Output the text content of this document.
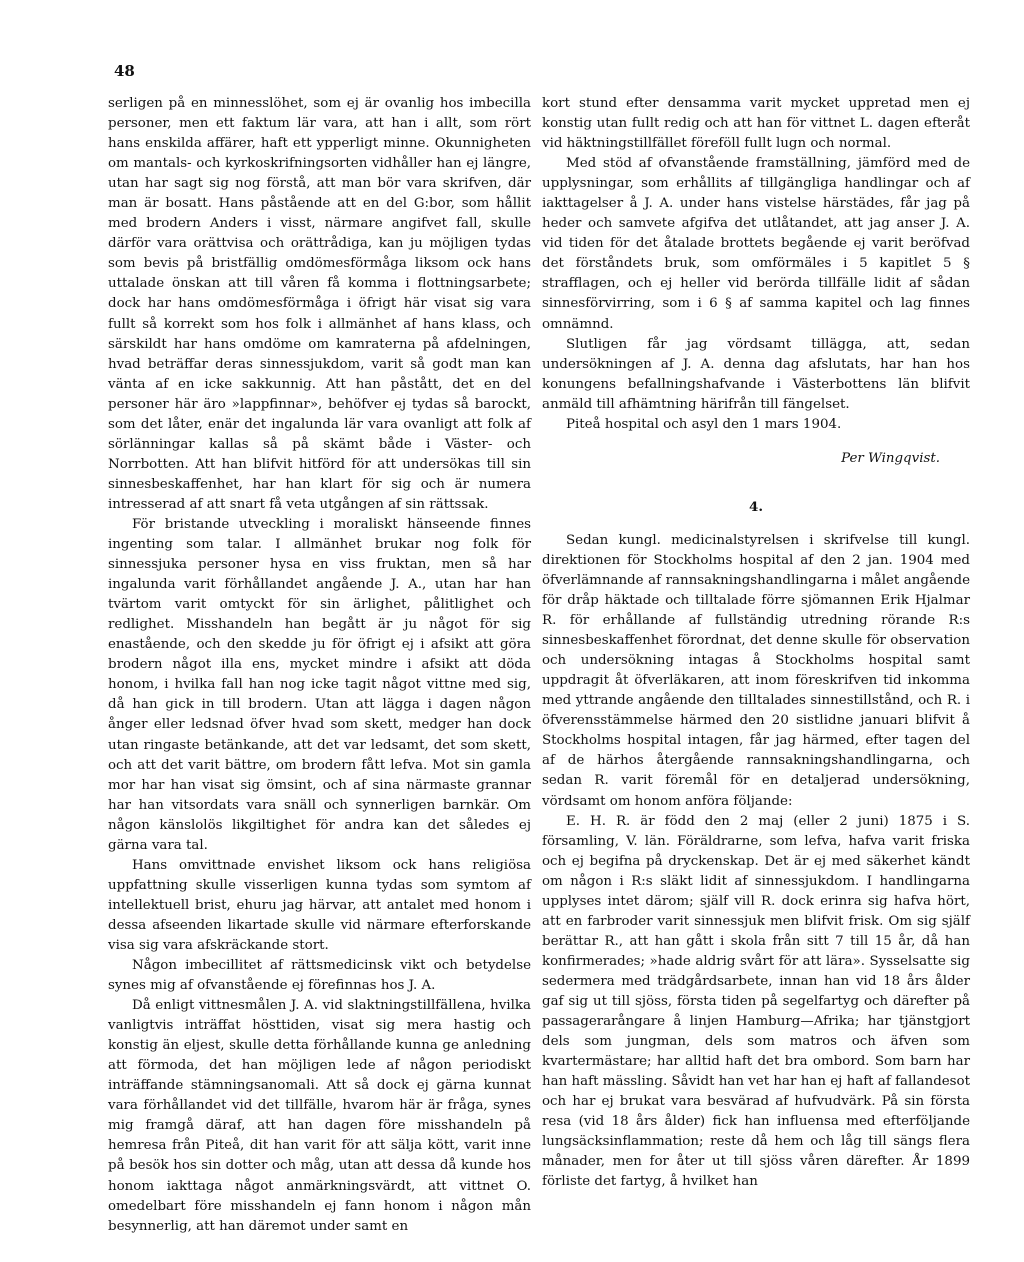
48

serligen på en minnesslöhet, som ej är ovanlig hos imbecilla personer, men ett faktum lär vara, att han i allt, som rört hans enskilda affärer, haft ett ypperligt minne. Okunnigheten om mantals- och kyrkoskrifningsorten vidhåller han ej längre, utan har sagt sig nog förstå, att man bör vara skrifven, där man är bosatt. Hans påstående att en del G:bor, som hållit med brodern Anders i visst, närmare angifvet fall, skulle därför vara orättvisa och orättrådiga, kan ju möjligen tydas som bevis på bristfällig omdömesförmåga liksom ock hans uttalade önskan att till våren få komma i flottningsarbete; dock har hans omdömesförmåga i öfrigt här visat sig vara fullt så korrekt som hos folk i allmänhet af hans klass, och särskildt har hans omdöme om kamraterna på afdelningen, hvad beträffar deras sinnessjukdom, varit så godt man kan vänta af en icke sakkunnig. Att han påstått, det en del personer här äro »lappfinnar», behöfver ej tydas så barockt, som det låter, enär det ingalunda lär vara ovanligt att folk af sörlänningar kallas så på skämt både i Väster- och Norrbotten. Att han blifvit hitförd för att undersökas till sin sinnesbeskaffenhet, har han klart för sig och är numera intresserad af att snart få veta utgången af sin rättssak.

För bristande utveckling i moraliskt hänseende finnes ingenting som talar. I allmänhet brukar nog folk för sinnessjuka personer hysa en viss fruktan, men så har ingalunda varit förhållandet angående J. A., utan har han tvärtom varit omtyckt för sin ärlighet, pålitlighet och redlighet. Misshandeln han begått är ju något för sig enastående, och den skedde ju för öfrigt ej i afsikt att göra brodern något illa ens, mycket mindre i afsikt att döda honom, i hvilka fall han nog icke tagit något vittne med sig, då han gick in till brodern. Utan att lägga i dagen någon ånger eller ledsnad öfver hvad som skett, medger han dock utan ringaste betänkande, att det var ledsamt, det som skett, och att det varit bättre, om brodern fått lefva. Mot sin gamla mor har han visat sig ömsint, och af sina närmaste grannar har han vitsordats vara snäll och synnerligen barnkär. Om någon känslolös likgiltighet för andra kan det således ej gärna vara tal.

Hans omvittnade envishet liksom ock hans religiösa uppfattning skulle visserligen kunna tydas som symtom af intellektuell brist, ehuru jag härvar, att antalet med honom i dessa afseenden likartade skulle vid närmare efterforskande visa sig vara afskräckande stort.

Någon imbecillitet af rättsmedicinsk vikt och betydelse synes mig af ofvanstående ej förefinnas hos J. A.

Då enligt vittnesmålen J. A. vid slaktningstillfällena, hvilka vanligtvis inträffat hösttiden, visat sig mera hastig och konstig än eljest, skulle detta förhållande kunna ge anledning att förmoda, det han möjligen lede af någon periodiskt inträffande stämningsanomali. Att så dock ej gärna kunnat vara förhållandet vid det tillfälle, hvarom här är fråga, synes mig framgå däraf, att han dagen före misshandeln på hemresa från Piteå, dit han varit för att sälja kött, varit inne på besök hos sin dotter och måg, utan att dessa då kunde hos honom iakttaga något anmärkningsvärdt, att vittnet O. omedelbart före misshandeln ej fann honom i någon mån besynnerlig, att han däremot under samt en

kort stund efter densamma varit mycket uppretad men ej konstig utan fullt redig och att han för vittnet L. dagen efteråt vid häktningstillfället föreföll fullt lugn och normal.

Med stöd af ofvanstående framställning, jämförd med de upplysningar, som erhållits af tillgängliga handlingar och af iakttagelser å J. A. under hans vistelse härstädes, får jag på heder och samvete afgifva det utlåtandet, att jag anser J. A. vid tiden för det åtalade brottets begående ej varit beröfvad det förståndets bruk, som omförmäles i 5 kapitlet 5 § strafflagen, och ej heller vid berörda tillfälle lidit af sådan sinnesförvirring, som i 6 § af samma kapitel och lag finnes omnämnd.

Slutligen får jag vördsamt tillägga, att, sedan undersökningen af J. A. denna dag afslutats, har han hos konungens befallningshafvande i Västerbottens län blifvit anmäld till afhämtning härifrån till fängelset.

Piteå hospital och asyl den 1 mars 1904.

Per Wingqvist.
4.

Sedan kungl. medicinalstyrelsen i skrifvelse till kungl. direktionen för Stockholms hospital af den 2 jan. 1904 med öfverlämnande af rannsakningshandlingarna i målet angående för dråp häktade och tilltalade förre sjömannen Erik Hjalmar R. för erhållande af fullständig utredning rörande R:s sinnesbeskaffenhet förordnat, det denne skulle för observation och undersökning intagas å Stockholms hospital samt uppdragit åt öfverläkaren, att inom föreskrifven tid inkomma med yttrande angående den tilltalades sinnestillstånd, och R. i öfverensstämmelse härmed den 20 sistlidne januari blifvit å Stockholms hospital intagen, får jag härmed, efter tagen del af de härhos återgående rannsakningshandlingarna, och sedan R. varit föremål för en detaljerad undersökning, vördsamt om honom anföra följande:

E. H. R. är född den 2 maj (eller 2 juni) 1875 i S. församling, V. län. Föräldrarne, som lefva, hafva varit friska och ej begifna på dryckenskap. Det är ej med säkerhet kändt om någon i R:s släkt lidit af sinnessjukdom. I handlingarna upplyses intet därom; själf vill R. dock erinra sig hafva hört, att en farbroder varit sinnessjuk men blifvit frisk. Om sig själf berättar R., att han gått i skola från sitt 7 till 15 år, då han konfirmerades; »hade aldrig svårt för att lära». Sysselsatte sig sedermera med trädgårdsarbete, innan han vid 18 års ålder gaf sig ut till sjöss, första tiden på segelfartyg och därefter på passagerarångare å linjen Hamburg—Afrika; har tjänstgjort dels som jungman, dels som matros och äfven som kvartermästare; har alltid haft det bra ombord. Som barn har han haft mässling. Såvidt han vet har han ej haft af fallandesot och har ej brukat vara besvärad af hufvudvärk. På sin första resa (vid 18 års ålder) fick han influensa med efterföljande lungsäcksinflammation; reste då hem och låg till sängs flera månader, men for åter ut till sjöss våren därefter. År 1899 förliste det fartyg, å hvilket han
